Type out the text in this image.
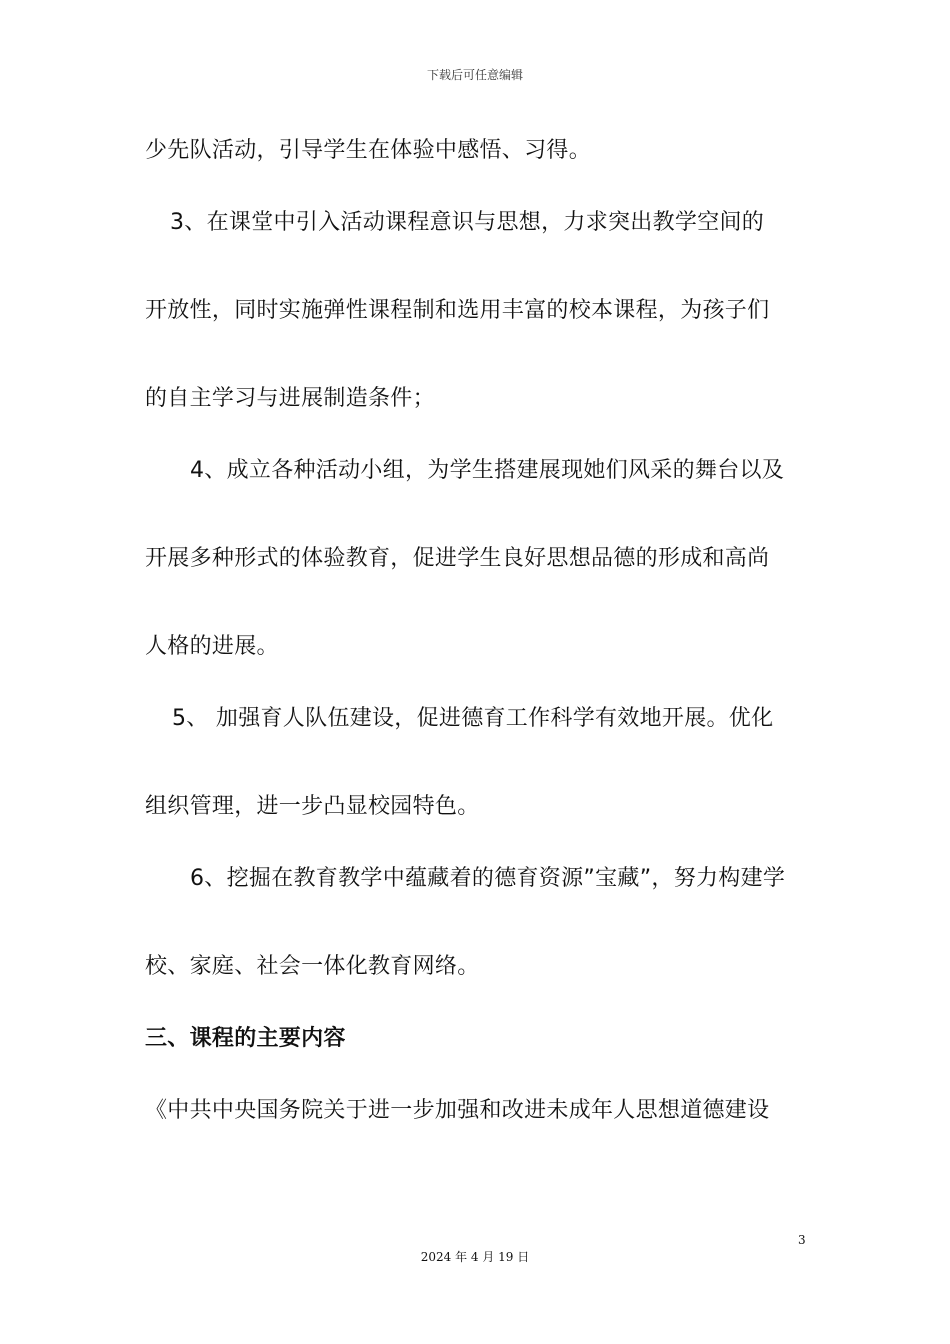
下载后可任意编辑
少先队活动，引导学生在体验中感悟、习得。
3、在课堂中引入活动课程意识与思想，力求突出教学空间的
开放性，同时实施弹性课程制和选用丰富的校本课程，为孩子们
的自主学习与进展制造条件；
4、成立各种活动小组，为学生搭建展现她们风采的舞台以及
开展多种形式的体验教育，促进学生良好思想品德的形成和高尚
人格的进展。
5、 加强育人队伍建设，促进德育工作科学有效地开展。优化
组织管理，进一步凸显校园特色。
6、挖掘在教育教学中蕴藏着的德育资源”宝藏”，努力构建学
校、家庭、社会一体化教育网络。
三、课程的主要内容
《中共中央国务院关于进一步加强和改进未成年人思想道德建设
3
2024 年 4 月 19 日
